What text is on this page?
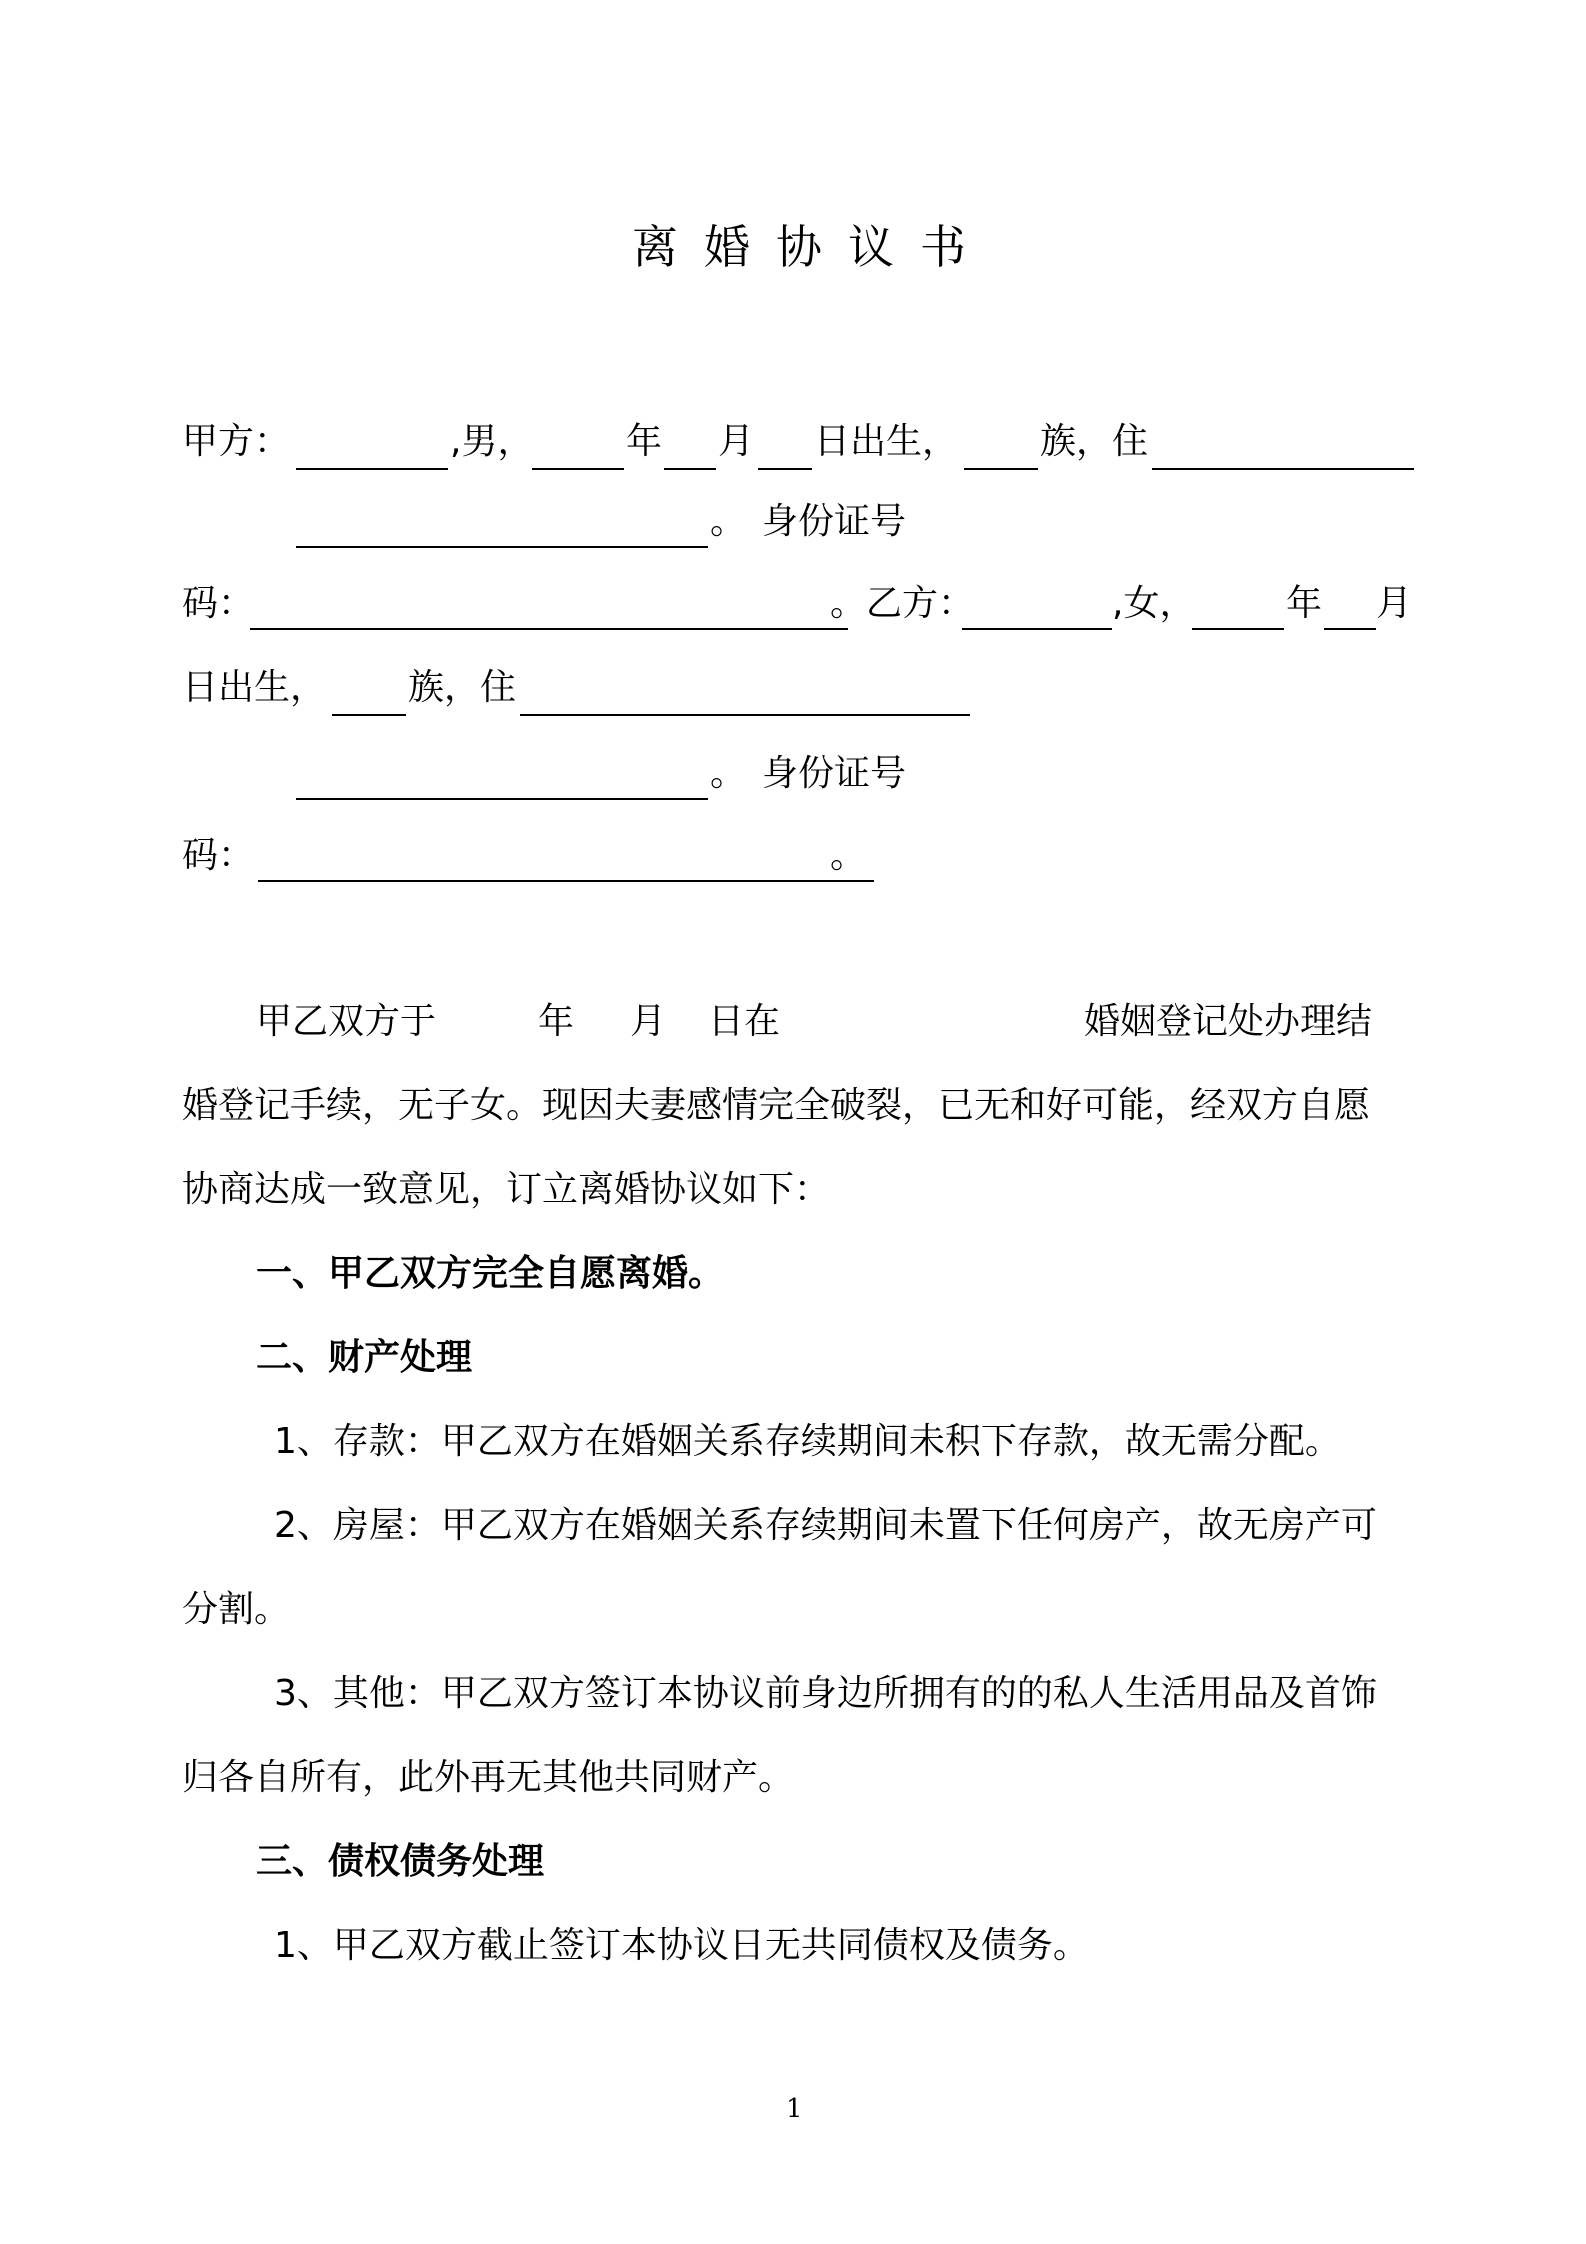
离婚协议书
甲方：	,男，	年 月 日出生， 族，住
。 身份证号
码：	。乙方：	,女，	年 月
日出生， 族，住
。 身份证号
码：	。
甲乙双方于	年 月 日在	婚姻登记处办理结
婚登记手续，无子女。现因夫妻感情完全破裂，已无和好可能，经双方自愿
协商达成一致意见，订立离婚协议如下：
一、甲乙双方完全自愿离婚。
二、财产处理
1、存款：甲乙双方在婚姻关系存续期间未积下存款，故无需分配。
2、房屋：甲乙双方在婚姻关系存续期间未置下任何房产，故无房产可
分割。
3、其他：甲乙双方签订本协议前身边所拥有的的私人生活用品及首饰
归各自所有，此外再无其他共同财产。
三、债权债务处理
1、甲乙双方截止签订本协议日无共同债权及债务。
1
